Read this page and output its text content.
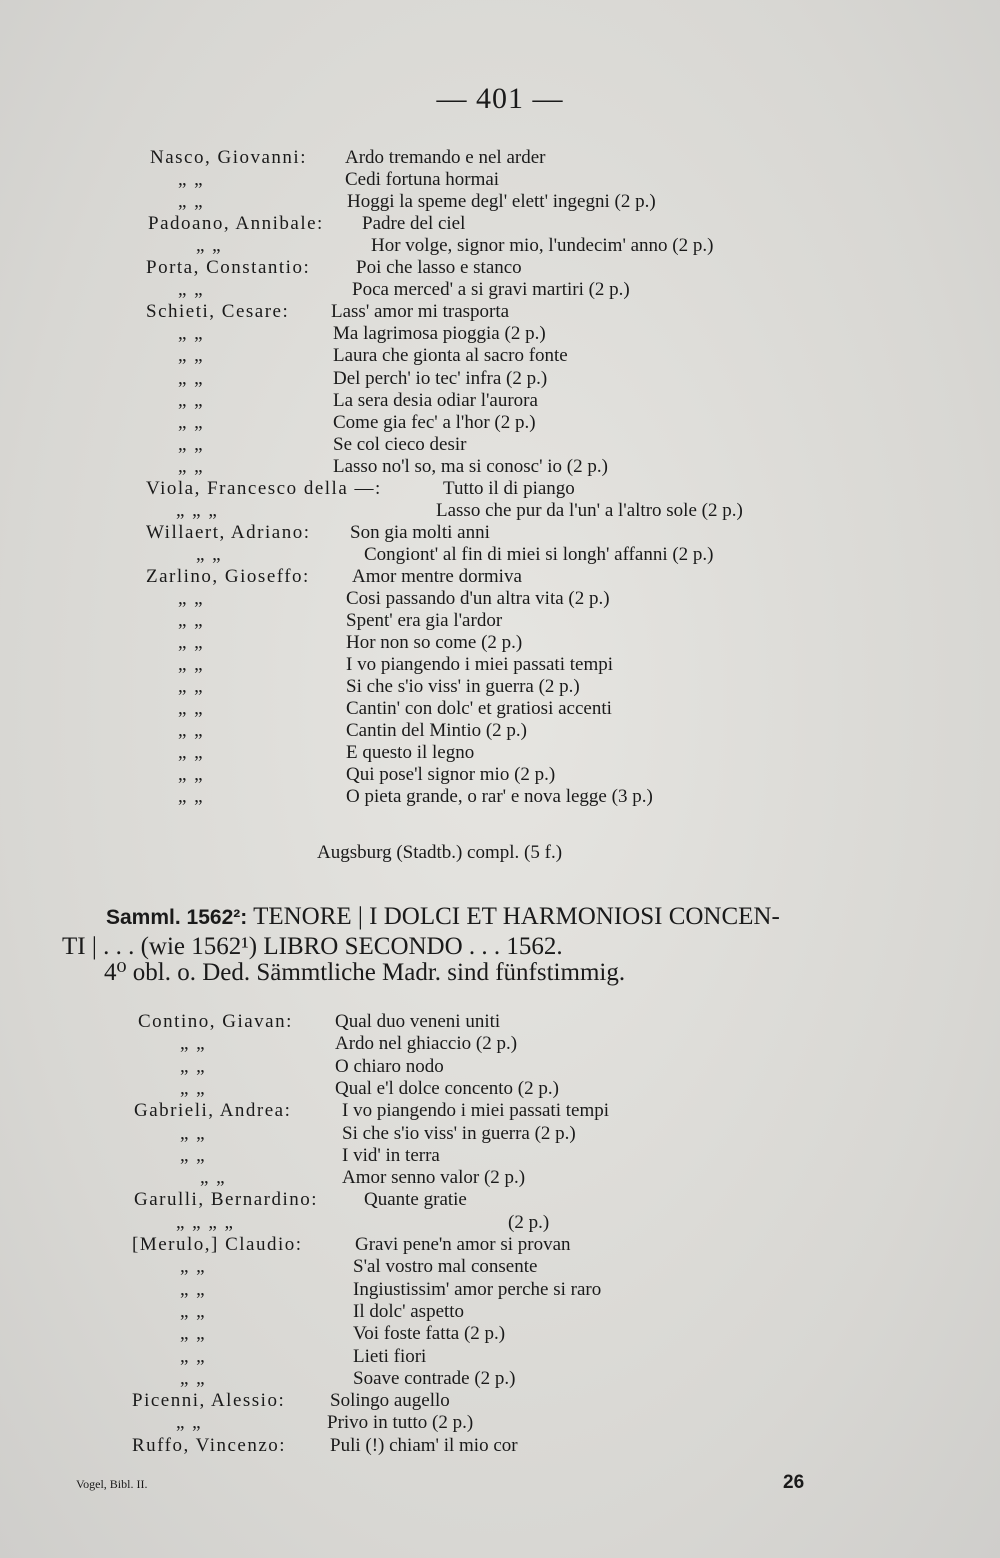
— 401 —
Nasco, Giovanni: Ardo tremando e nel arder
„ „	Cedi fortuna hormai
„ „	Hoggi la speme degl' elett' ingegni (2 p.)
Padoano, Annibale: Padre del ciel
„ „	Hor volge, signor mio, l'undecim' anno (2 p.)
Porta, Constantio: Poi che lasso e stanco
„ „	Poca merced' a si gravi martiri (2 p.)
Schieti, Cesare: Lass' amor mi trasporta
„ „	Ma lagrimosa pioggia (2 p.)
„ „	Laura che gionta al sacro fonte
„ „	Del perch' io tec' infra (2 p.)
„ „	La sera desia odiar l'aurora
„ „	Come gia fec' a l'hor (2 p.)
„ „	Se col cieco desir
„ „	Lasso no'l so, ma si conosc' io (2 p.)
Viola, Francesco della —:	Tutto il di piango
„ „ „	Lasso che pur da l'un' a l'altro sole (2 p.)
Willaert, Adriano: Son gia molti anni
„ „	Congiont' al fin di miei si longh' affanni (2 p.)
Zarlino, Gioseffo: Amor mentre dormiva
„ „	Cosi passando d'un altra vita (2 p.)
„ „	Spent' era gia l'ardor
„ „	Hor non so come (2 p.)
„ „	I vo piangendo i miei passati tempi
„ „	Si che s'io viss' in guerra (2 p.)
„ „	Cantin' con dolc' et gratiosi accenti
„ „	Cantin del Mintio (2 p.)
„ „	E questo il legno
„ „	Qui pose'l signor mio (2 p.)
„ „	O pieta grande, o rar' e nova legge (3 p.)
Augsburg (Stadtb.) compl. (5 f.)
Samml. 1562²: TENORE | I DOLCI ET HARMONIOSI CONCEN-
TI | . . . (wie 1562¹) LIBRO SECONDO . . . 1562.
4⁰ obl. o. Ded. Sämmtliche Madr. sind fünfstimmig.
Contino, Giavan: Qual duo veneni uniti
„ „	Ardo nel ghiaccio (2 p.)
„ „	O chiaro nodo
„ „	Qual e'l dolce concento (2 p.)
Gabrieli, Andrea:	I vo piangendo i miei passati tempi
„ „	Si che s'io viss' in guerra (2 p.)
„ „	I vid' in terra
„ „	Amor senno valor (2 p.)
Garulli, Bernardino: Quante gratie
„ „ „ „	(2 p.)
[Merulo,] Claudio:	Gravi pene'n amor si provan
„ „	S'al vostro mal consente
„ „	Ingiustissim' amor perche si raro
„ „	Il dolc' aspetto
„ „	Voi foste fatta (2 p.)
„ „	Lieti fiori
„ „	Soave contrade (2 p.)
Picenni, Alessio: Solingo augello
„ „	Privo in tutto (2 p.)
Ruffo, Vincenzo: Puli (!) chiam' il mio cor
Vogel, Bibl. II.	26
